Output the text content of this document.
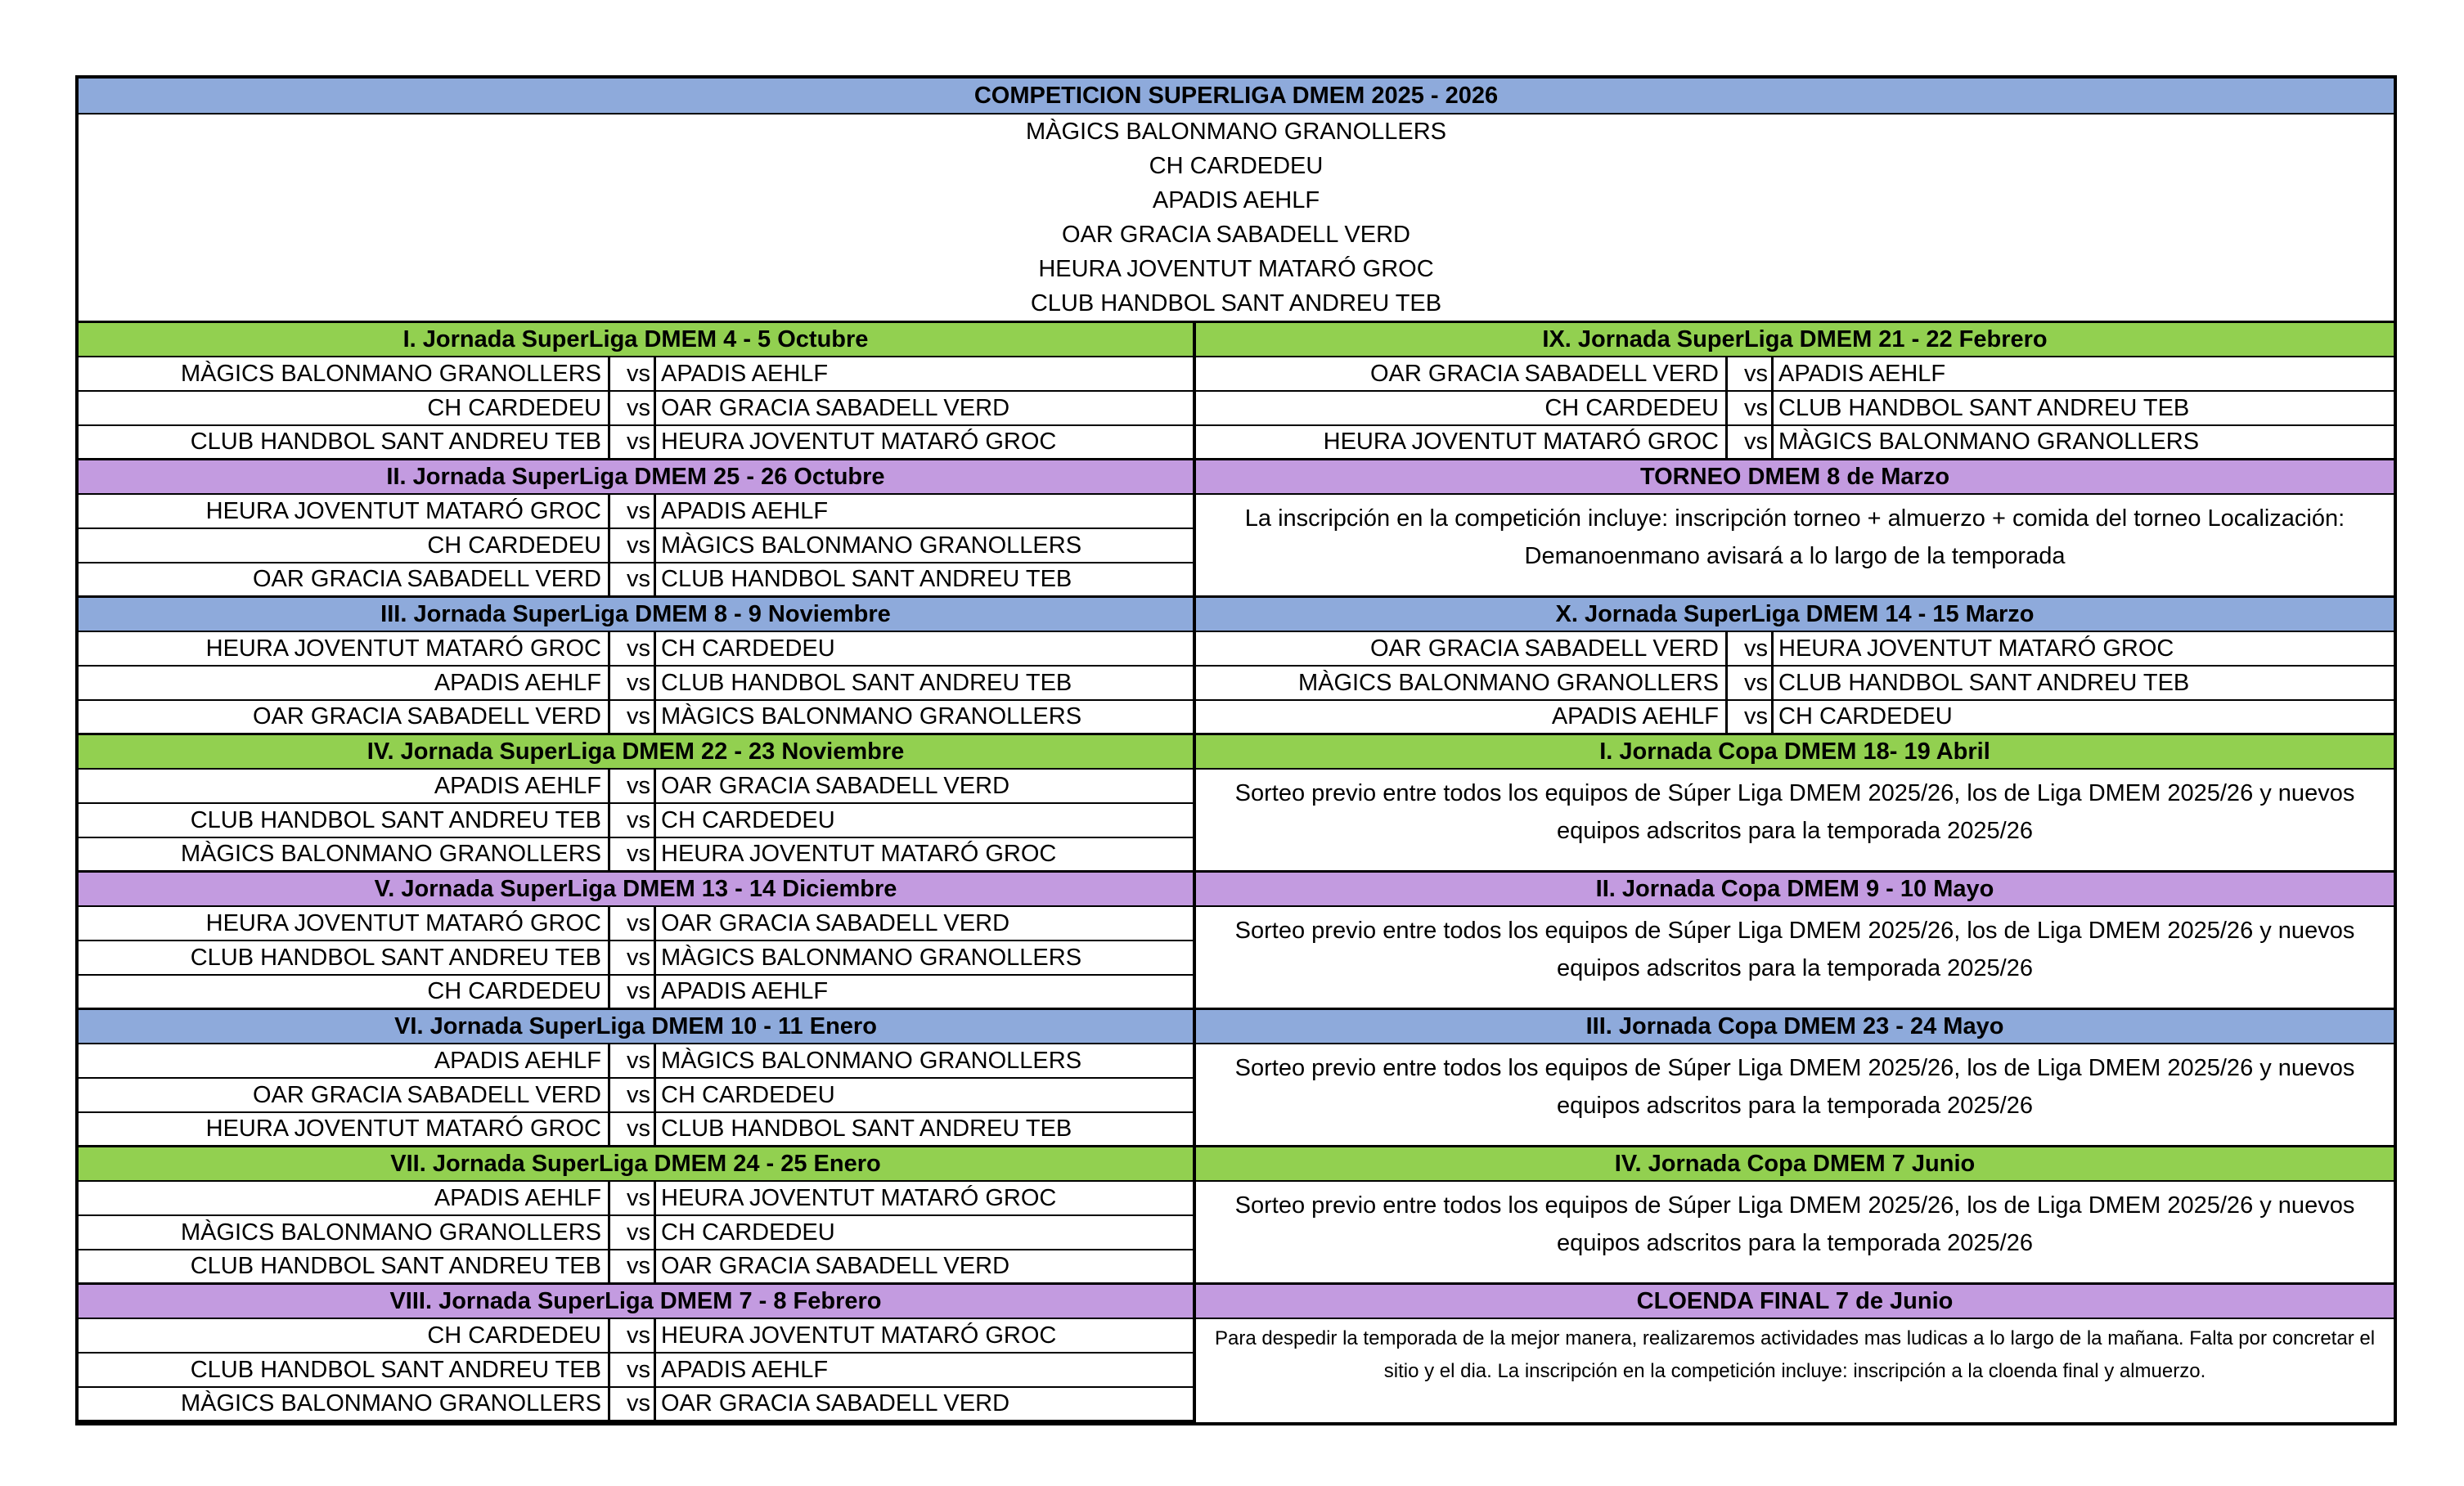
COMPETICION SUPERLIGA DMEM 2025 - 2026
MÀGICS BALONMANO GRANOLLERS
CH CARDEDEU
APADIS AEHLF
OAR GRACIA SABADELL VERD
HEURA JOVENTUT MATARÓ GROC
CLUB HANDBOL SANT ANDREU TEB
I. Jornada SuperLiga DMEM 4 - 5 Octubre
MÀGICS BALONMANO GRANOLLERS	vs APADIS AEHLF
CH CARDEDEU	vs OAR GRACIA SABADELL VERD
CLUB HANDBOL SANT ANDREU TEB	vs HEURA JOVENTUT MATARÓ GROC
II. Jornada SuperLiga DMEM 25 - 26 Octubre
HEURA JOVENTUT MATARÓ GROC	vs APADIS AEHLF
CH CARDEDEU	vs MÀGICS BALONMANO GRANOLLERS
OAR GRACIA SABADELL VERD	vs CLUB HANDBOL SANT ANDREU TEB
III. Jornada SuperLiga DMEM 8 - 9 Noviembre
HEURA JOVENTUT MATARÓ GROC	vs CH CARDEDEU
APADIS AEHLF	vs CLUB HANDBOL SANT ANDREU TEB
OAR GRACIA SABADELL VERD	vs MÀGICS BALONMANO GRANOLLERS
IV. Jornada SuperLiga DMEM 22 - 23 Noviembre
APADIS AEHLF	vs OAR GRACIA SABADELL VERD
CLUB HANDBOL SANT ANDREU TEB	vs CH CARDEDEU
MÀGICS BALONMANO GRANOLLERS	vs HEURA JOVENTUT MATARÓ GROC
V. Jornada SuperLiga DMEM 13 - 14 Diciembre
HEURA JOVENTUT MATARÓ GROC	vs OAR GRACIA SABADELL VERD
CLUB HANDBOL SANT ANDREU TEB	vs MÀGICS BALONMANO GRANOLLERS
CH CARDEDEU	vs APADIS AEHLF
VI. Jornada SuperLiga DMEM 10 - 11 Enero
APADIS AEHLF	vs MÀGICS BALONMANO GRANOLLERS
OAR GRACIA SABADELL VERD	vs CH CARDEDEU
HEURA JOVENTUT MATARÓ GROC	vs CLUB HANDBOL SANT ANDREU TEB
VII. Jornada SuperLiga DMEM 24 - 25 Enero
APADIS AEHLF	vs HEURA JOVENTUT MATARÓ GROC
MÀGICS BALONMANO GRANOLLERS	vs CH CARDEDEU
CLUB HANDBOL SANT ANDREU TEB	vs OAR GRACIA SABADELL VERD
VIII. Jornada SuperLiga DMEM 7 - 8 Febrero
CH CARDEDEU	vs HEURA JOVENTUT MATARÓ GROC
CLUB HANDBOL SANT ANDREU TEB	vs APADIS AEHLF
MÀGICS BALONMANO GRANOLLERS	vs OAR GRACIA SABADELL VERD
IX. Jornada SuperLiga DMEM 21 - 22 Febrero
OAR GRACIA SABADELL VERD	vs APADIS AEHLF
CH CARDEDEU	vs CLUB HANDBOL SANT ANDREU TEB
HEURA JOVENTUT MATARÓ GROC	vs MÀGICS BALONMANO GRANOLLERS
TORNEO DMEM 8 de Marzo
La inscripción en la competición incluye: inscripción torneo + almuerzo + comida del torneo Localización: Demanoenmano avisará a lo largo de la temporada
X. Jornada SuperLiga DMEM 14 - 15 Marzo
OAR GRACIA SABADELL VERD	vs HEURA JOVENTUT MATARÓ GROC
MÀGICS BALONMANO GRANOLLERS	vs CLUB HANDBOL SANT ANDREU TEB
APADIS AEHLF	vs CH CARDEDEU
I. Jornada Copa DMEM 18- 19 Abril
Sorteo previo entre todos los equipos de Súper Liga DMEM 2025/26, los de Liga DMEM 2025/26 y nuevos equipos adscritos para la temporada 2025/26
II. Jornada Copa DMEM 9 - 10 Mayo
Sorteo previo entre todos los equipos de Súper Liga DMEM 2025/26, los de Liga DMEM 2025/26 y nuevos equipos adscritos para la temporada 2025/26
III. Jornada Copa DMEM 23 - 24 Mayo
Sorteo previo entre todos los equipos de Súper Liga DMEM 2025/26, los de Liga DMEM 2025/26 y nuevos equipos adscritos para la temporada 2025/26
IV. Jornada Copa DMEM 7 Junio
Sorteo previo entre todos los equipos de Súper Liga DMEM 2025/26, los de Liga DMEM 2025/26 y nuevos equipos adscritos para la temporada 2025/26
CLOENDA FINAL 7 de Junio
Para despedir la temporada de la mejor manera, realizaremos actividades mas ludicas a lo largo de la mañana. Falta por concretar el sitio y el dia. La inscripción en la competición incluye: inscripción a la cloenda final y almuerzo.
